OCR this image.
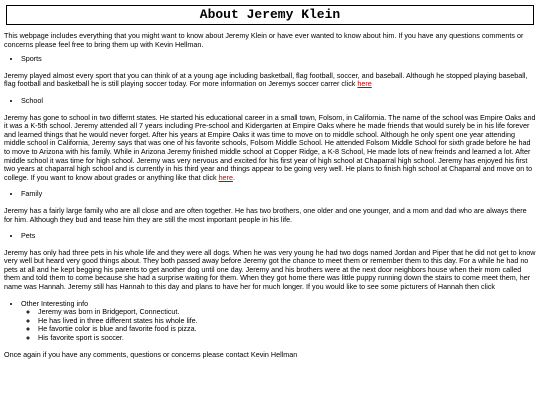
About Jeremy Klein

This webpage includes everything that you might want to know about Jeremy Klein or have ever wanted to know about him. If you have any questions comments or concerns please feel free to bring them up with Kevin Hellman.

• Sports

Jeremy played almost every sport that you can think of at a young age including basketball, flag football, soccer, and baseball. Although he stopped playing baseball, flag football and basketball he is still playing soccer today. For more information on Jeremys soccer carrer click here

• School

Jeremy has gone to school in two differnt states. He started his educational career in a small town, Folsom, in California. The name of the school was Empire Oaks and it was a K-5th school. Jeremy attended all 7 years including Pre-school and Kidergarten at Empire Oaks where he made friends that would surely be in his life forever and learned things that he would never forget. After his years at Empire Oaks it was time to move on to middle school. Although he only spent one year attending middle school in California, Jeremy says that was one of his favorite schools, Folsom Middle School. He attended Folsom Middle School for sixth grade before he had to move to Arizona with his family. While in Arizona Jeremy finished middle school at Copper Ridge, a K-8 School, He made lots of new freinds and learned a lot. After middle school it was time for high school. Jeremy was very nervous and excited for his first year of high school at Chaparral high school. Jeremy has enjoyed his first two years at chaparral high school and is currently in his third year and things appear to be going very well. He plans to finish high school at Chaparral and move on to college. If you want to know about grades or anything like that click here.

• Family

Jeremy has a fairly large family who are all close and are often together. He has two brothers, one older and one younger, and a mom and dad who are always there for him. Although they bud and tease him they are still the most important people in his life.

• Pets

Jeremy has only had three pets in his whole life and they were all dogs. When he was very young he had two dogs named Jordan and Piper that he did not get to know very well but heard very good things about. They both passed away before Jeremy got the chance to meet them or remember them to this day. For a while he had no pets at all and he kept begging his parents to get another dog until one day. Jeremy and his brothers were at the next door neighbors house when their mom called them and told them to come because she had a surprise waiting for them. When they got home there was little puppy running down the stairs to come meet them, her name was Hannah. Jeremy still has Hannah to this day and plans to have her for much longer. If you would like to see some picturers of Hannah then click

• Other Interesting info
◦ Jeremy was born in Bridgeport, Connecticut.
◦ He has lived in three different states his whole life.
◦ He favortie color is blue and favorite food is pizza.
◦ His favorite sport is soccer.

Once again if you have any comments, questions or concerns please contact Kevin Hellman
